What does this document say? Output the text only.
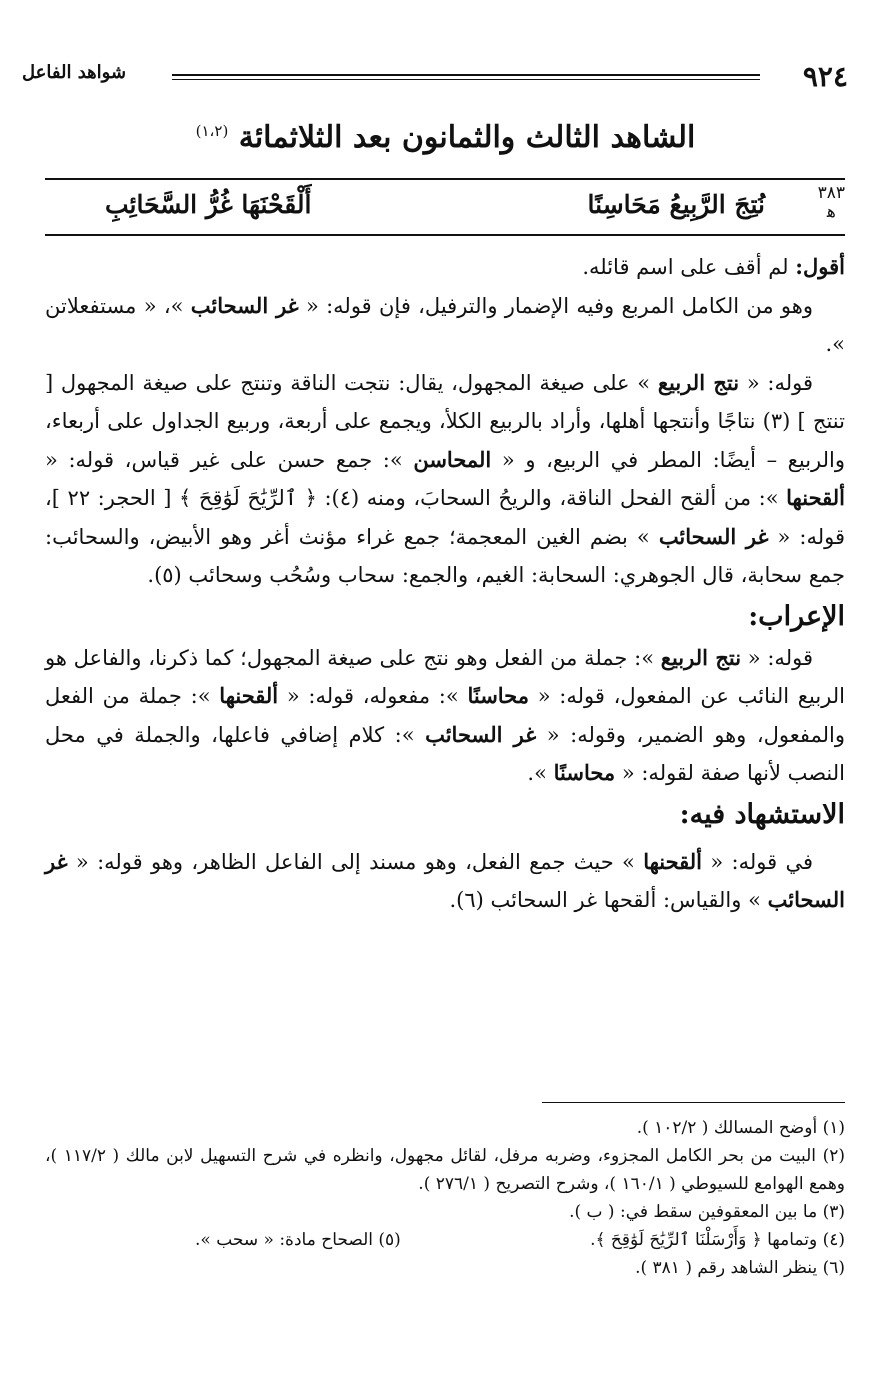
٩٢٤
شواهد الفاعل
الشاهد الثالث والثمانون بعد الثلاثمائة $^{(١،٢)}$
٣٨٣
ﻫ
نُتِجَ الرَّبِيعُ مَحَاسِنًا
أَلْقَحْنَهَا غُرُّ السَّحَائِبِ

أقول: لم أقف على اسم قائله.

وهو من الكامل المربع وفيه الإضمار والترفيل، فإن قوله: « غر السحائب »، « مستفعلاتن ».

قوله: « نتج الربيع » على صيغة المجهول، يقال: نتجت الناقة وتنتج على صيغة المجهول [ تنتج ] (٣) نتاجًا وأنتجها أهلها، وأراد بالربيع الكلأ، ويجمع على أربعة، وربيع الجداول على أربعاء، والربيع – أيضًا: المطر في الربيع، و « المحاسن »: جمع حسن على غير قياس، قوله: « ألقحنها »: من ألقح الفحل الناقة، والريحُ السحابَ، ومنه (٤): ﴿ ٱلرِّيَٰحَ لَوَٰقِحَ ﴾ [ الحجر: ٢٢ ]، قوله: « غر السحائب » بضم الغين المعجمة؛ جمع غراء مؤنث أغر وهو الأبيض، والسحائب: جمع سحابة، قال الجوهري: السحابة: الغيم، والجمع: سحاب وسُحُب وسحائب (٥).

الإعراب:

قوله: « نتج الربيع »: جملة من الفعل وهو نتج على صيغة المجهول؛ كما ذكرنا، والفاعل هو الربيع النائب عن المفعول، قوله: « محاسنًا »: مفعوله، قوله: « ألقحنها »: جملة من الفعل والمفعول، وهو الضمير، وقوله: « غر السحائب »: كلام إضافي فاعلها، والجملة في محل النصب لأنها صفة لقوله: « محاسنًا ».

الاستشهاد فيه:

في قوله: « ألقحنها » حيث جمع الفعل، وهو مسند إلى الفاعل الظاهر، وهو قوله: « غر السحائب » والقياس: ألقحها غر السحائب (٦).

(١) أوضح المسالك ( ١٠٢/٢ ).

(٢) البيت من بحر الكامل المجزوء، وضربه مرفل، لقائل مجهول، وانظره في شرح التسهيل لابن مالك ( ١١٧/٢ )، وهمع الهوامع للسيوطي ( ١٦٠/١ )، وشرح التصريح ( ٢٧٦/١ ).

(٣) ما بين المعقوفين سقط في: ( ب ).

(٤) وتمامها ﴿ وَأَرْسَلْنَا ٱلرِّيَٰحَ لَوَٰقِحَ ﴾.
(٥) الصحاح مادة: « سحب ».

(٦) ينظر الشاهد رقم ( ٣٨١ ).
